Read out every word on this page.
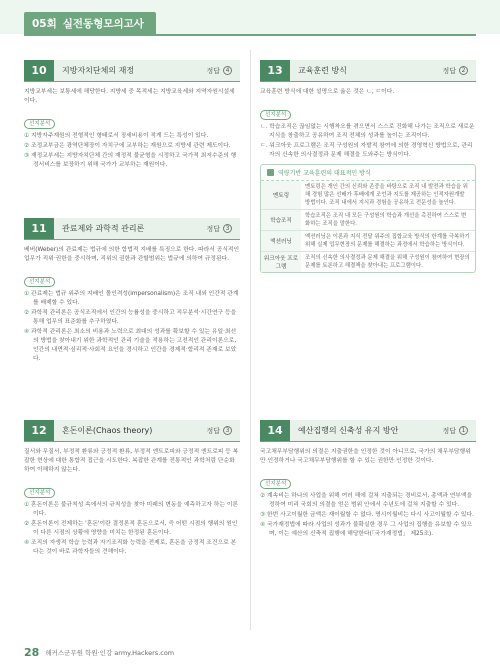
05회 실전동형모의고사
10	지방자치단체의 재정	정답 4
지방교부세는 보통세에 해당한다. 지방세 중 목적세는 지방교육세와 지역자원시설세이다.
선지분석
① 지방자주재원의 전형적인 형태로서 징세비용이 적게 드는 특성이 있다.
② 조정교부금은 광역단체장이 자치구에 교부하는 재원으로 지방세 관련 제도이다.
③ 재정교부세는 지방자치단체 간의 재정적 불균형을 시정하고 국가적 최저수준의 행정서비스를 보장하기 위해 국가가 교부하는 재원이다.
11	관료제와 과학적 관리론	정답 3
베버(Weber)의 관료제는 법규에 의한 합법적 지배를 특징으로 한다. 따라서 공식적인 업무가 직위·권한을 중시하며, 직위의 권한과 관할범위는 법규에 의하여 규정된다.
선지분석
① 관료제는 법규 위주의 지배인 몰인격성(impersonalism)은 조직 내외 인간적 관계를 배제할 수 있다.
② 과학적 관리론은 공식조직에서 인간의 능률성을 중시하고 직무분석·시간연구 등을 통해 업무의 표준화를 추구하였다.
④ 과학적 관리론은 최소의 비용과 노력으로 최대의 성과를 확보할 수 있는 유일·최선의 방법을 찾아내기 위한 과학적인 관리 기술을 적용하는 고전적인 관리이론으로, 인간의 내면적·심리적·사회적 요인을 경시하고 인간을 경제적·합리적 존재로 보았다.
12	혼돈이론(Chaos theory)	정답 3
질서와 무질서, 부정적 환류와 긍정적 환류, 부정적 엔트로피와 긍정적 엔트로피 등 복잡한 현상에 대한 통합적 접근을 시도한다. 복잡한 관계를 전통적인 과학처럼 단순화하여 이해하지 않는다.
선지분석
① 혼돈이론은 불규칙성 속에서의 규칙성을 찾아 미래의 변동을 예측하고자 하는 이론이다.
② 혼돈이론이 전제하는 '혼돈'이란 결정론적 혼돈으로서, 즉 어떤 시점의 행위의 원인이 다른 시점의 상황에 영향을 미치는 한정된 혼돈이다.
④ 조직의 자생적 학습 능력과 자기조직화 능력을 전제로, 혼돈을 긍정적 조건으로 본다는 것이 바로 과학자들의 견해이다.
13	교육훈련 방식	정답 2
교육훈련 방식에 대한 설명으로 옳은 것은 ㄴ, ㄷ이다.
선지분석
ㄴ. 학습조직은 끊임없는 시행착오를 겪으면서 스스로 진화해 나가는 조직으로 새로운 지식을 창출하고 공유하여 조직 전체의 성과를 높이는 조직이다.
ㄷ. 워크아웃 프로그램은 조직 구성원의 자발적 참여에 의한 경영혁신 방법으로, 관리자의 신속한 의사결정과 문제 해결을 도와주는 방식이다.
역량기반 교육훈련의 대표적인 방식
멘토링
멘토링은 개인 간의 신뢰와 존중을 바탕으로 조직 내 발전과 학습을 위해 경험 많은 선배가 후배에게 조언과 지도를 제공하는 인적자원개발 방법이다. 조직 내에서 지식과 경험을 공유하고 전문성을 높인다.
학습조직
학습조직은 조직 내 모든 구성원의 학습과 개선을 촉진하여 스스로 변화하는 조직을 말한다.
액션러닝
액션러닝은 이론과 지식 전달 위주의 집합교육 방식의 한계를 극복하기 위해 실제 업무현장의 문제를 해결하는 과정에서 학습하는 방식이다.
워크아웃 프로그램
조직의 신속한 의사결정과 문제 해결을 위해 구성원이 참여하여 현장의 문제를 토론하고 해결책을 찾아내는 프로그램이다.
14	예산집행의 신축성 유지 방안	정답 1
국고채무부담행위의 의결은 지출권한을 인정한 것이 아니므로, 국가의 채무부담행위만 인정하거나 국고채무부담행위를 할 수 있는 권한만 인정한 것이다.
선지분석
② 계속비는 하나의 사업을 위해 여러 해에 걸쳐 지출되는 경비로서, 총액과 연부액을 정하여 미리 국회의 의결을 얻은 범위 안에서 수년도에 걸쳐 지출할 수 있다.
③ 한번 사고이월한 금액은 재이월할 수 없다. 명시이월비는 다시 사고이월할 수 있다.
④ 국가재정법에 따라 사업의 성과가 불확실한 경우 그 사업의 집행을 유보할 수 있으며, 이는 예산의 신축적 집행에 해당한다(「국가재정법」 제25조).
28 해커스군무원 학원·인강 army.Hackers.com
